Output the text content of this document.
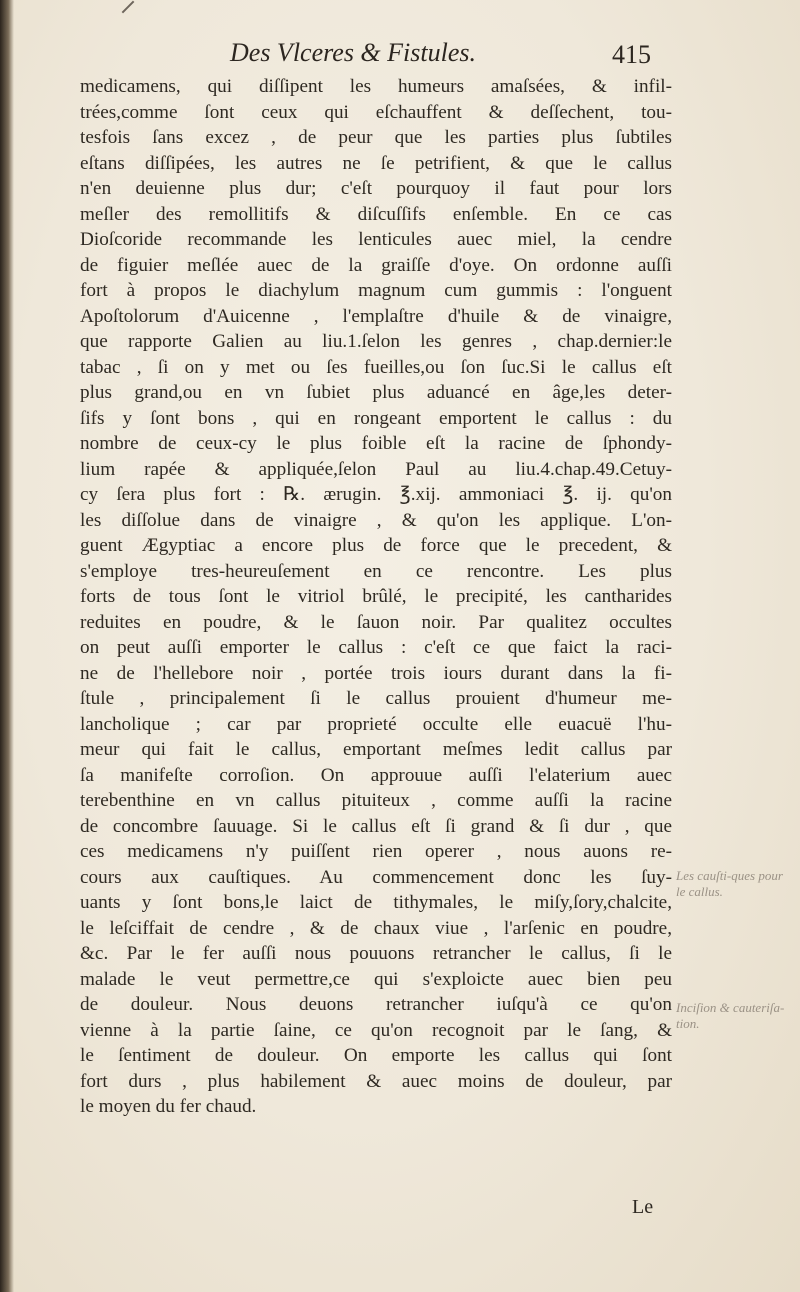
Des Vlceres & Fistules.	415
medicamens, qui diſſipent les humeurs amaſsées, & infil-
trées,comme ſont ceux qui eſchauffent & deſſechent, tou-
tesfois ſans excez , de peur que les parties plus ſubtiles
eſtans diſſipées, les autres ne ſe petrifient, & que le callus
n'en deuienne plus dur; c'eſt pourquoy il faut pour lors
meſler des remollitifs & diſcuſſifs enſemble. En ce cas
Dioſcoride recommande les lenticules auec miel, la cendre
de figuier meſlée auec de la graiſſe d'oye. On ordonne auſſi
fort à propos le diachylum magnum cum gummis : l'onguent
Apoſtolorum d'Auicenne , l'emplaſtre d'huile & de vinaigre,
que rapporte Galien au liu.1.ſelon les genres , chap.dernier:le
tabac , ſi on y met ou ſes fueilles,ou ſon ſuc.Si le callus eſt
plus grand,ou en vn ſubiet plus aduancé en âge,les deter-
ſifs y ſont bons , qui en rongeant emportent le callus : du
nombre de ceux-cy le plus foible eſt la racine de ſphondy-
lium rapée & appliquée,ſelon Paul au liu.4.chap.49.Cetuy-
cy ſera plus fort : ℞. ærugin. ℥.xij. ammoniaci ℥. ij. qu'on
les diſſolue dans de vinaigre , & qu'on les applique. L'on-
guent Ægyptiac a encore plus de force que le precedent, &
s'employe tres-heureuſement en ce rencontre. Les plus
forts de tous ſont le vitriol brûlé, le precipité, les cantharides
reduites en poudre, & le ſauon noir. Par qualitez occultes
on peut auſſi emporter le callus : c'eſt ce que faict la raci-
ne de l'hellebore noir , portée trois iours durant dans la fi-
ſtule , principalement ſi le callus prouient d'humeur me-
lancholique ; car par proprieté occulte elle euacuë l'hu-
meur qui fait le callus, emportant meſmes ledit callus par
ſa manifeſte corroſion. On approuue auſſi l'elaterium auec
terebenthine en vn callus pituiteux , comme auſſi la racine
de concombre ſauuage. Si le callus eſt ſi grand & ſi dur , que
ces medicamens n'y puiſſent rien operer , nous auons re-
cours aux cauſtiques. Au commencement donc les ſuy-
uants y ſont bons,le laict de tithymales, le miſy,ſory,chalcite,
le leſciffait de cendre , & de chaux viue , l'arſenic en poudre,
&c. Par le fer auſſi nous pouuons retrancher le callus, ſi le
malade le veut permettre,ce qui s'exploicte auec bien peu
de douleur. Nous deuons retrancher iuſqu'à ce qu'on
vienne à la partie ſaine, ce qu'on recognoit par le ſang, &
le ſentiment de douleur. On emporte les callus qui ſont
fort durs , plus habilement & auec moins de douleur, par
le moyen du fer chaud.
Les cauſti-ques pour le callus.
Inciſion & cauteriſa-tion.
Le
